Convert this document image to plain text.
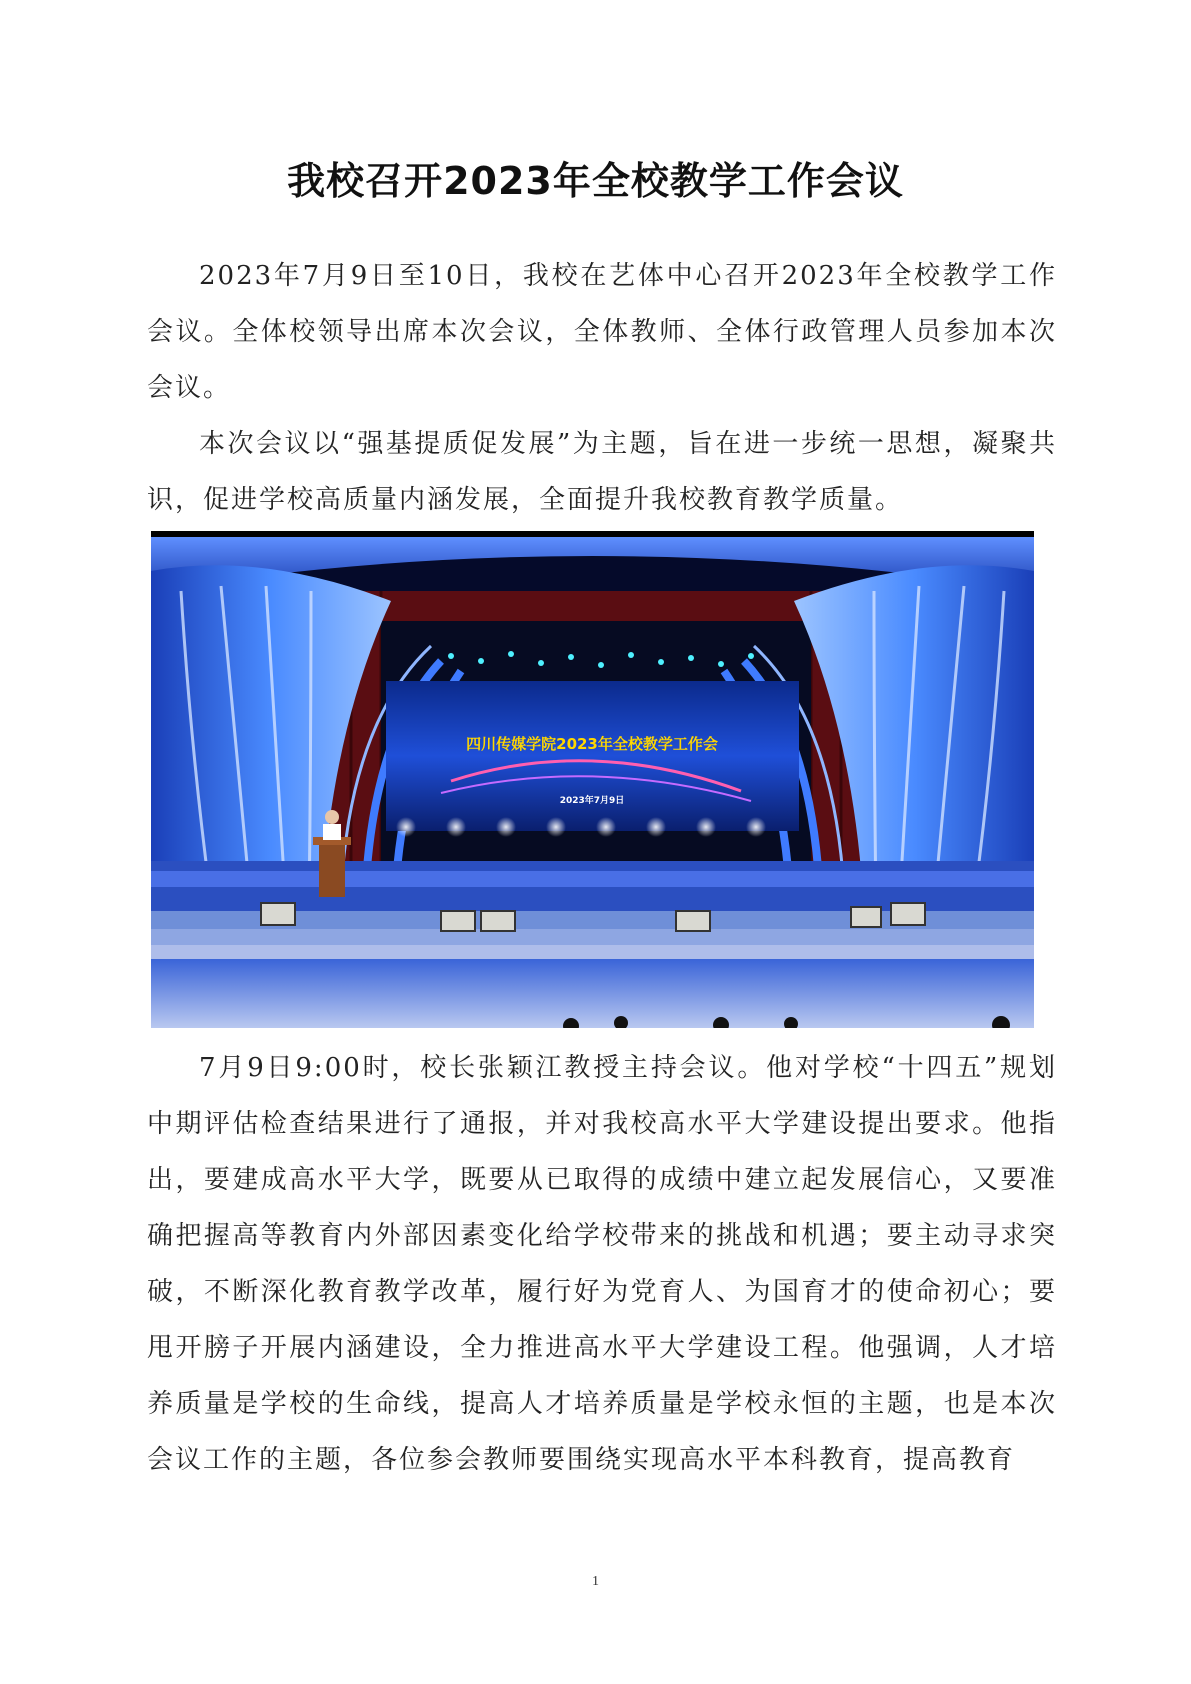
我校召开2023年全校教学工作会议

2023年7月9日至10日，我校在艺体中心召开2023年全校教学工作会议。全体校领导出席本次会议，全体教师、全体行政管理人员参加本次会议。

本次会议以“强基提质促发展”为主题，旨在进一步统一思想，凝聚共识，促进学校高质量内涵发展，全面提升我校教育教学质量。

四川传媒学院2023年全校教学工作会
2023年7月9日

7月9日9:00时，校长张颖江教授主持会议。他对学校“十四五”规划中期评估检查结果进行了通报，并对我校高水平大学建设提出要求。他指出，要建成高水平大学，既要从已取得的成绩中建立起发展信心，又要准确把握高等教育内外部因素变化给学校带来的挑战和机遇；要主动寻求突破，不断深化教育教学改革，履行好为党育人、为国育才的使命初心；要甩开膀子开展内涵建设，全力推进高水平大学建设工程。他强调，人才培养质量是学校的生命线，提高人才培养质量是学校永恒的主题，也是本次会议工作的主题，各位参会教师要围绕实现高水平本科教育，提高教育

1
